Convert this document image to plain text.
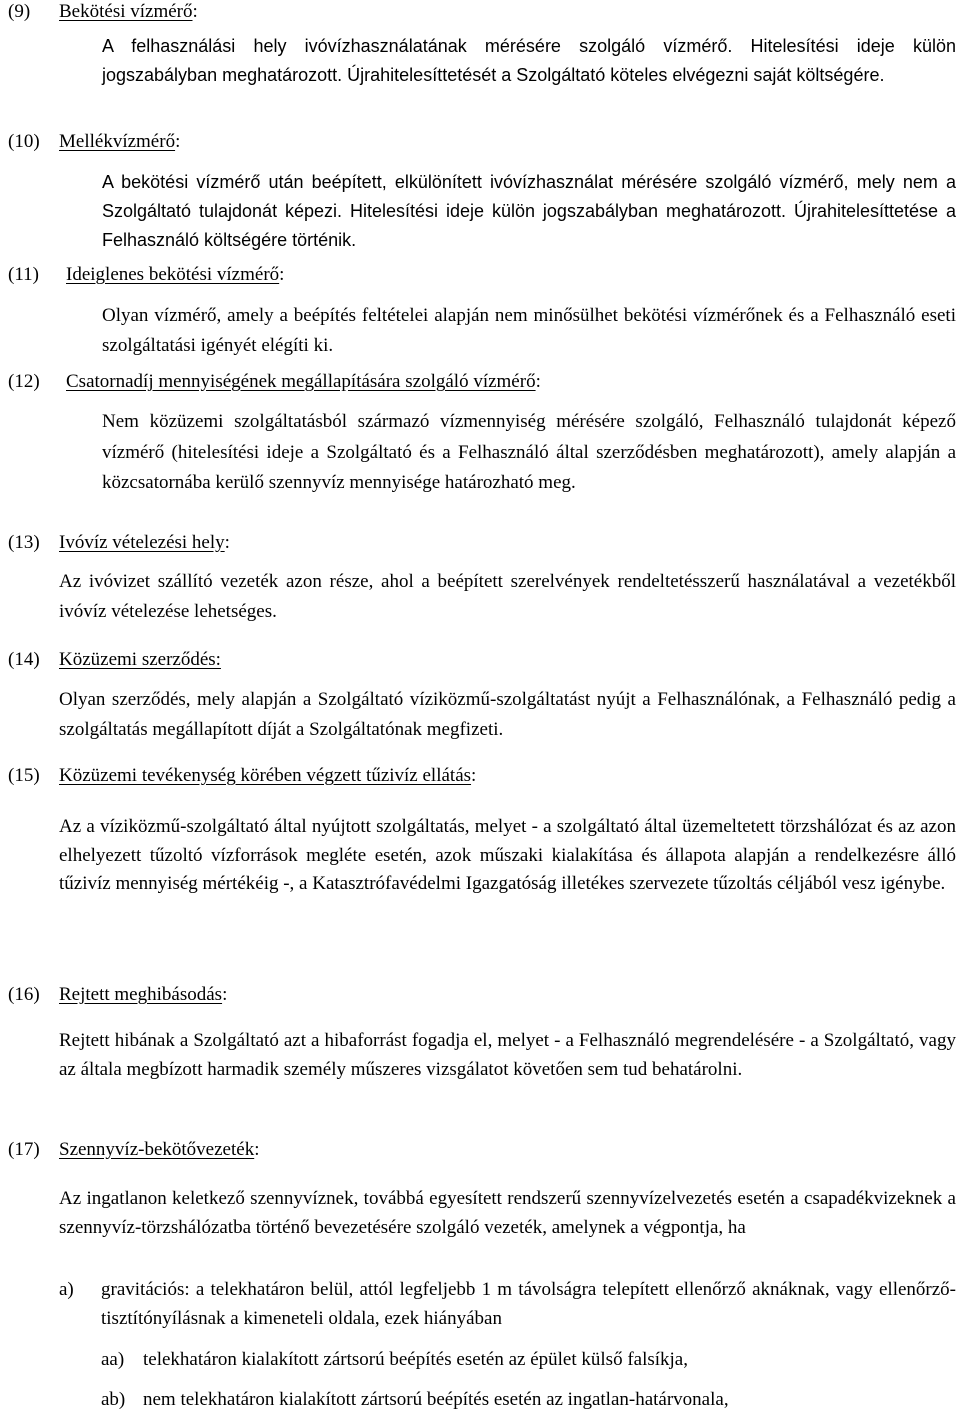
(9) Bekötési vízmérő:
A felhasználási hely ivóvízhasználatának mérésére szolgáló vízmérő. Hitelesítési ideje külön jogszabályban meghatározott. Újrahitelesíttetését a Szolgáltató köteles elvégezni saját költségére.
(10) Mellékvízmérő:
A bekötési vízmérő után beépített, elkülönített ivóvízhasználat mérésére szolgáló vízmérő, mely nem a Szolgáltató tulajdonát képezi. Hitelesítési ideje külön jogszabályban meghatározott. Újrahitelesíttetése a Felhasználó költségére történik.
(11) Ideiglenes bekötési vízmérő:
Olyan vízmérő, amely a beépítés feltételei alapján nem minősülhet bekötési vízmérőnek és a Felhasználó eseti szolgáltatási igényét elégíti ki.
(12) Csatornadíj mennyiségének megállapítására szolgáló vízmérő:
Nem közüzemi szolgáltatásból származó vízmennyiség mérésére szolgáló, Felhasználó tulajdonát képező vízmérő (hitelesítési ideje a Szolgáltató és a Felhasználó által szerződésben meghatározott), amely alapján a közcsatornába kerülő szennyvíz mennyisége határozható meg.
(13) Ivóvíz vételezési hely:
Az ivóvizet szállító vezeték azon része, ahol a beépített szerelvények rendeltetésszerű használatával a vezetékből ivóvíz vételezése lehetséges.
(14) Közüzemi szerződés:
Olyan szerződés, mely alapján a Szolgáltató víziközmű-szolgáltatást nyújt a Felhasználónak, a Felhasználó pedig a szolgáltatás megállapított díját a Szolgáltatónak megfizeti.
(15) Közüzemi tevékenység körében végzett tűzivíz ellátás:
Az a víziközmű-szolgáltató által nyújtott szolgáltatás, melyet - a szolgáltató által üzemeltetett törzshálózat és az azon elhelyezett tűzoltó vízforrások megléte esetén, azok műszaki kialakítása és állapota alapján a rendelkezésre álló tűzivíz mennyiség mértékéig -, a Katasztrófavédelmi Igazgatóság illetékes szervezete tűzoltás céljából vesz igénybe.
(16) Rejtett meghibásodás:
Rejtett hibának a Szolgáltató azt a hibaforrást fogadja el, melyet - a Felhasználó megrendelésére - a Szolgáltató, vagy az általa megbízott harmadik személy műszeres vizsgálatot követően sem tud behatárolni.
(17) Szennyvíz-bekötővezeték:
Az ingatlanon keletkező szennyvíznek, továbbá egyesített rendszerű szennyvízelvezetés esetén a csapadékvizeknek a szennyvíz-törzshálózatba történő bevezetésére szolgáló vezeték, amelynek a végpontja, ha
a) gravitációs: a telekhatáron belül, attól legfeljebb 1 m távolságra telepített ellenőrző aknáknak, vagy ellenőrző-tisztítónyílásnak a kimeneteli oldala, ezek hiányában
aa) telekhatáron kialakított zártsorú beépítés esetén az épület külső falsíkja,
ab) nem telekhatáron kialakított zártsorú beépítés esetén az ingatlan-határvonala,
